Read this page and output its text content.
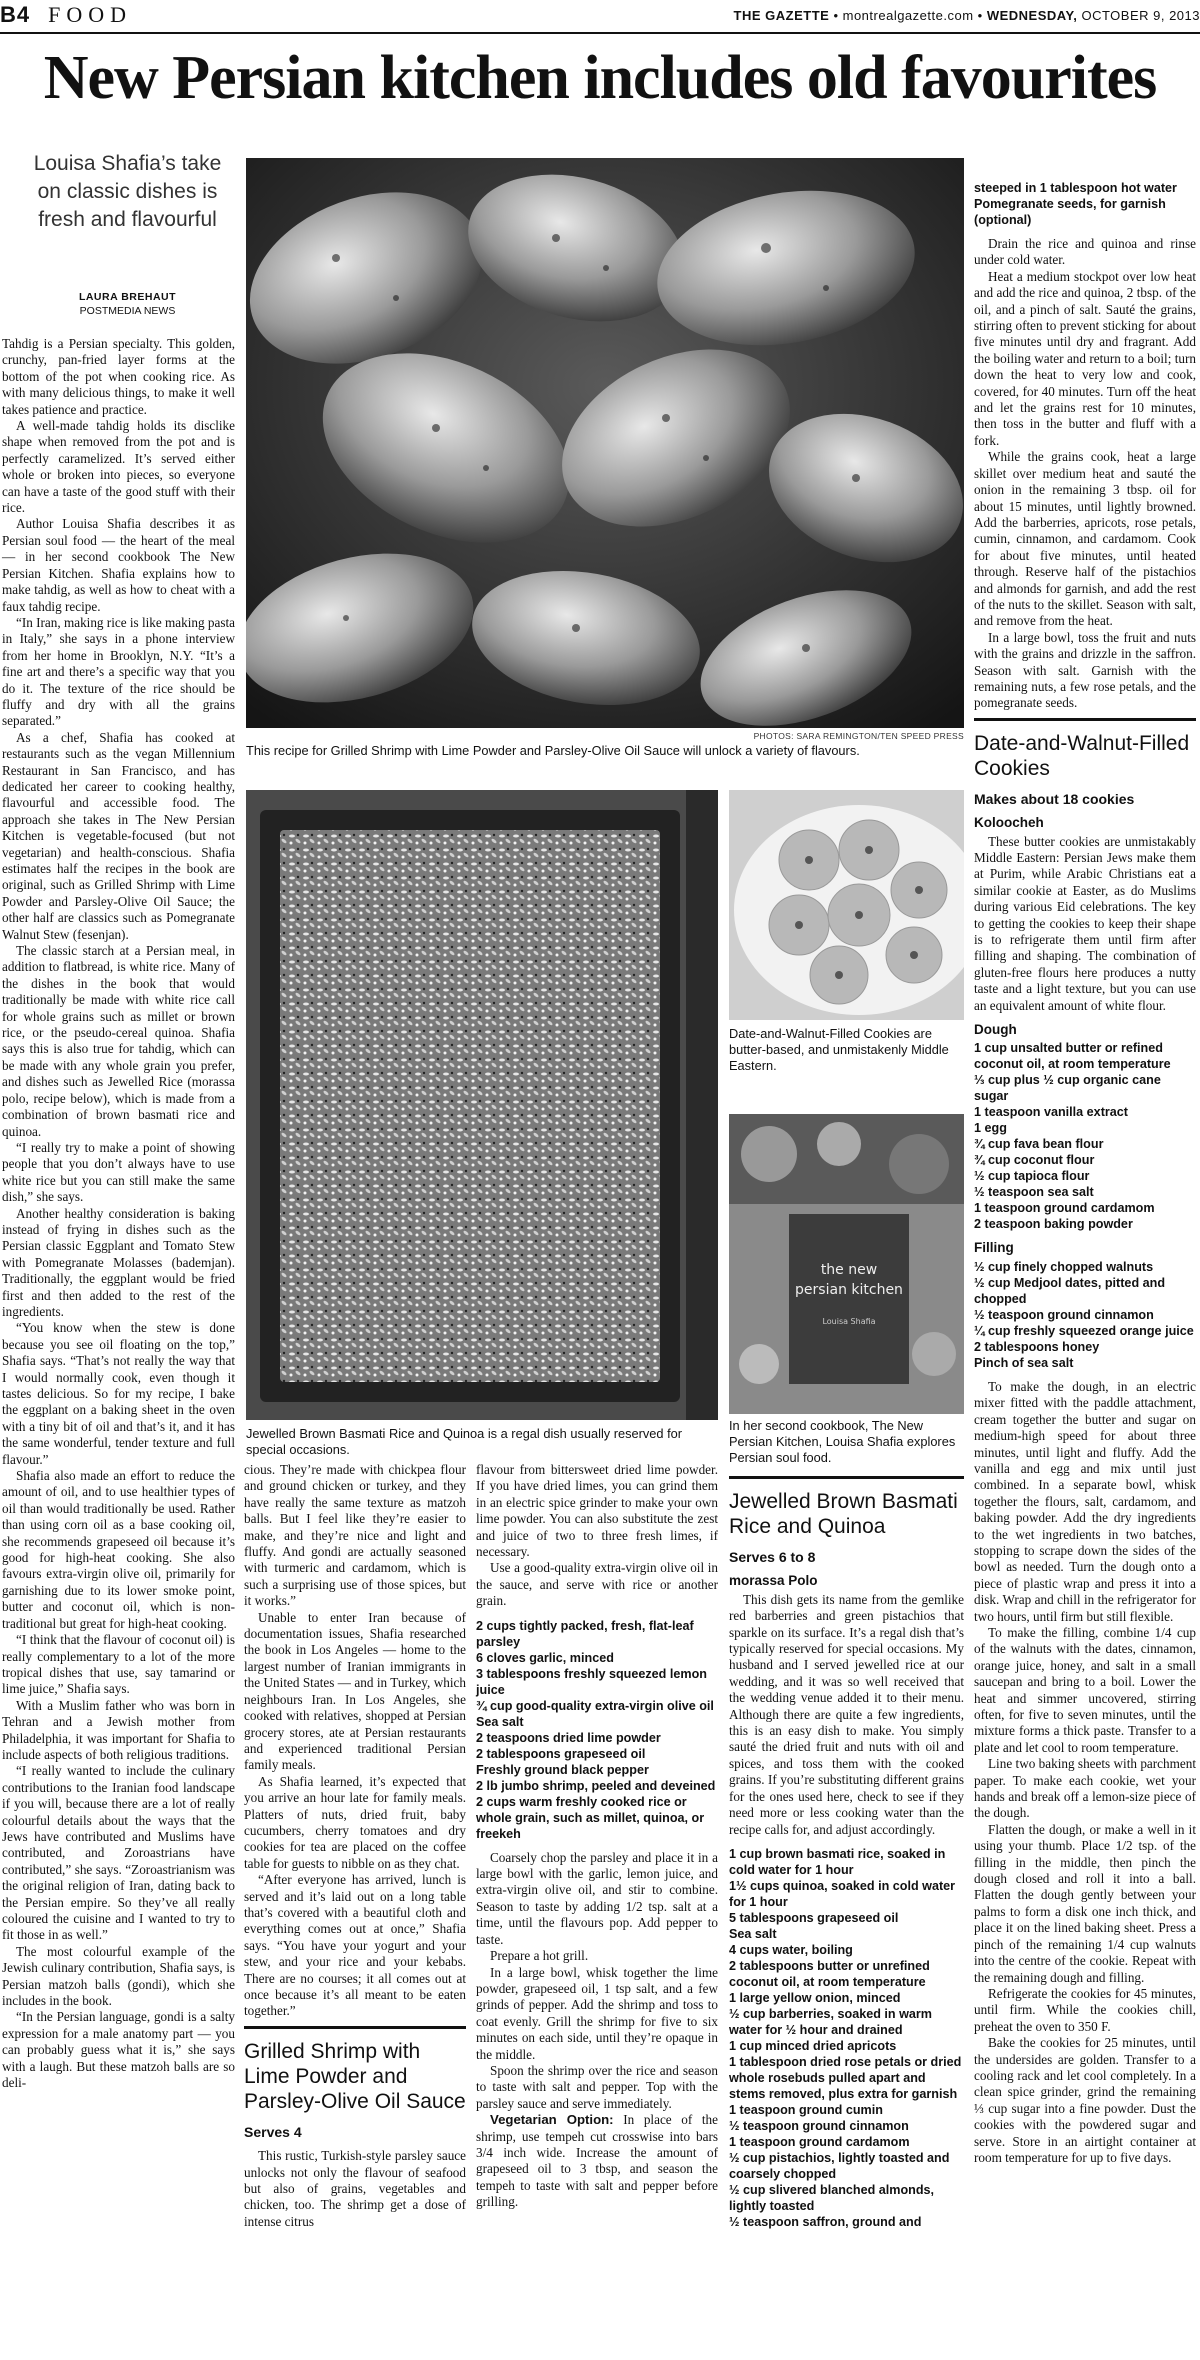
B4 FOOD	THE GAZETTE • montrealgazette.com • WEDNESDAY, OCTOBER 9, 2013
New Persian kitchen includes old favourites
Louisa Shafia’s take on classic dishes is fresh and flavourful
LAURA BREHAUT
POSTMEDIA NEWS
PHOTOS: SARA REMINGTON/TEN SPEED PRESS
This recipe for Grilled Shrimp with Lime Powder and Parsley-Olive Oil Sauce will unlock a variety of flavours.

Tahdig is a Persian specialty. This golden, crunchy, pan-fried layer forms at the bottom of the pot when cooking rice. As with many delicious things, to make it well takes patience and practice.

A well-made tahdig holds its disclike shape when removed from the pot and is perfectly caramelized. It’s served either whole or broken into pieces, so everyone can have a taste of the good stuff with their rice.

Author Louisa Shafia describes it as Persian soul food — the heart of the meal — in her second cookbook The New Persian Kitchen. Shafia explains how to make tahdig, as well as how to cheat with a faux tahdig recipe.

“In Iran, making rice is like making pasta in Italy,” she says in a phone interview from her home in Brooklyn, N.Y. “It’s a fine art and there’s a specific way that you do it. The texture of the rice should be fluffy and dry with all the grains separated.”

As a chef, Shafia has cooked at restaurants such as the vegan Millennium Restaurant in San Francisco, and has dedicated her career to cooking healthy, flavourful and accessible food. The approach she takes in The New Persian Kitchen is vegetable-focused (but not vegetarian) and health-conscious. Shafia estimates half the recipes in the book are original, such as Grilled Shrimp with Lime Powder and Parsley-Olive Oil Sauce; the other half are classics such as Pomegranate Walnut Stew (fesenjan).

The classic starch at a Persian meal, in addition to flatbread, is white rice. Many of the dishes in the book that would traditionally be made with white rice call for whole grains such as millet or brown rice, or the pseudo-cereal quinoa. Shafia says this is also true for tahdig, which can be made with any whole grain you prefer, and dishes such as Jewelled Rice (morassa polo, recipe below), which is made from a combination of brown basmati rice and quinoa.

“I really try to make a point of showing people that you don’t always have to use white rice but you can still make the same dish,” she says.

Another healthy consideration is baking instead of frying in dishes such as the Persian classic Eggplant and Tomato Stew with Pomegranate Molasses (bademjan). Traditionally, the eggplant would be fried first and then added to the rest of the ingredients.

“You know when the stew is done because you see oil floating on the top,” Shafia says. “That’s not really the way that I would normally cook, even though it tastes delicious. So for my recipe, I bake the eggplant on a baking sheet in the oven with a tiny bit of oil and that’s it, and it has the same wonderful, tender texture and full flavour.”

Shafia also made an effort to reduce the amount of oil, and to use healthier types of oil than would traditionally be used. Rather than using corn oil as a base cooking oil, she recommends grapeseed oil because it’s good for high-heat cooking. She also favours extra-virgin olive oil, primarily for garnishing due to its lower smoke point, butter and coconut oil, which is non-traditional but great for high-heat cooking.

“I think that the flavour of coconut oil) is really complementary to a lot of the more tropical dishes that use, say tamarind or lime juice,” Shafia says.

With a Muslim father who was born in Tehran and a Jewish mother from Philadelphia, it was important for Shafia to include aspects of both religious traditions.

“I really wanted to include the culinary contributions to the Iranian food landscape if you will, because there are a lot of really colourful details about the ways that the Jews have contributed and Muslims have contributed, and Zoroastrians have contributed,” she says. “Zoroastrianism was the original religion of Iran, dating back to the Persian empire. So they’ve all really coloured the cuisine and I wanted to try to fit those in as well.”

The most colourful example of the Jewish culinary contribution, Shafia says, is Persian matzoh balls (gondi), which she includes in the book.

“In the Persian language, gondi is a salty expression for a male anatomy part — you can probably guess what it is,” she says with a laugh. But these matzoh balls are so deli-

Jewelled Brown Basmati Rice and Quinoa is a regal dish usually reserved for special occasions.
Date-and-Walnut-Filled Cookies are butter-based, and unmistakenly Middle Eastern.
the new
persian kitchen
Louisa Shafia
In her second cookbook, The New Persian Kitchen, Louisa Shafia explores Persian soul food.

cious. They’re made with chickpea flour and ground chicken or turkey, and they have really the same texture as matzoh balls. But I feel like they’re easier to make, and they’re nice and light and fluffy. And gondi are actually seasoned with turmeric and cardamom, which is such a surprising use of those spices, but it works.”

Unable to enter Iran because of documentation issues, Shafia researched the book in Los Angeles — home to the largest number of Iranian immigrants in the United States — and in Turkey, which neighbours Iran. In Los Angeles, she cooked with relatives, shopped at Persian grocery stores, ate at Persian restaurants and experienced traditional Persian family meals.

As Shafia learned, it’s expected that you arrive an hour late for family meals. Platters of nuts, dried fruit, baby cucumbers, cherry tomatoes and dry cookies for tea are placed on the coffee table for guests to nibble on as they chat.

“After everyone has arrived, lunch is served and it’s laid out on a long table that’s covered with a beautiful cloth and everything comes out at once,” Shafia says. “You have your yogurt and your stew, and your rice and your kebabs. There are no courses; it all comes out at once because it’s all meant to be eaten together.”

Grilled Shrimp with Lime Powder and Parsley-Olive Oil Sauce
Serves 4

This rustic, Turkish-style parsley sauce unlocks not only the flavour of seafood but also of grains, vegetables and chicken, too. The shrimp get a dose of intense citrus

flavour from bittersweet dried lime powder. If you have dried limes, you can grind them in an electric spice grinder to make your own lime powder. You can also substitute the zest and juice of two to three fresh limes, if necessary.

Use a good-quality extra-virgin olive oil in the sauce, and serve with rice or another grain.

2 cups tightly packed, fresh, flat-leaf parsley
6 cloves garlic, minced
3 tablespoons freshly squeezed lemon juice
¾ cup good-quality extra-virgin olive oil
Sea salt
2 teaspoons dried lime powder
2 tablespoons grapeseed oil
Freshly ground black pepper
2 lb jumbo shrimp, peeled and deveined
2 cups warm freshly cooked rice or whole grain, such as millet, quinoa, or freekeh

Coarsely chop the parsley and place it in a large bowl with the garlic, lemon juice, and extra-virgin olive oil, and stir to combine. Season to taste by adding 1/2 tsp. salt at a time, until the flavours pop. Add pepper to taste.

Prepare a hot grill.

In a large bowl, whisk together the lime powder, grapeseed oil, 1 tsp salt, and a few grinds of pepper. Add the shrimp and toss to coat evenly. Grill the shrimp for five to six minutes on each side, until they’re opaque in the middle.

Spoon the shrimp over the rice and season to taste with salt and pepper. Top with the parsley sauce and serve immediately.

Vegetarian Option: In place of the shrimp, use tempeh cut crosswise into bars 3/4 inch wide. Increase the amount of grapeseed oil to 3 tbsp, and season the tempeh to taste with salt and pepper before grilling.

Jewelled Brown Basmati Rice and Quinoa
Serves 6 to 8
morassa Polo

This dish gets its name from the gemlike red barberries and green pistachios that sparkle on its surface. It’s a regal dish that’s typically reserved for special occasions. My husband and I served jewelled rice at our wedding, and it was so well received that the wedding venue added it to their menu. Although there are quite a few ingredients, this is an easy dish to make. You simply sauté the dried fruit and nuts with oil and spices, and toss them with the cooked grains. If you’re substituting different grains for the ones used here, check to see if they need more or less cooking water than the recipe calls for, and adjust accordingly.

1 cup brown basmati rice, soaked in cold water for 1 hour
1½ cups quinoa, soaked in cold water for 1 hour
5 tablespoons grapeseed oil
Sea salt
4 cups water, boiling
2 tablespoons butter or unrefined coconut oil, at room temperature
1 large yellow onion, minced
½ cup barberries, soaked in warm water for ½ hour and drained
1 cup minced dried apricots
1 tablespoon dried rose petals or dried whole rosebuds pulled apart and stems removed, plus extra for garnish
1 teaspoon ground cumin
½ teaspoon ground cinnamon
1 teaspoon ground cardamom
½ cup pistachios, lightly toasted and coarsely chopped
½ cup slivered blanched almonds, lightly toasted
½ teaspoon saffron, ground and
steeped in 1 tablespoon hot water
Pomegranate seeds, for garnish (optional)

Drain the rice and quinoa and rinse under cold water.

Heat a medium stockpot over low heat and add the rice and quinoa, 2 tbsp. of the oil, and a pinch of salt. Sauté the grains, stirring often to prevent sticking for about five minutes until dry and fragrant. Add the boiling water and return to a boil; turn down the heat to very low and cook, covered, for 40 minutes. Turn off the heat and let the grains rest for 10 minutes, then toss in the butter and fluff with a fork.

While the grains cook, heat a large skillet over medium heat and sauté the onion in the remaining 3 tbsp. oil for about 15 minutes, until lightly browned. Add the barberries, apricots, rose petals, cumin, cinnamon, and cardamom. Cook for about five minutes, until heated through. Reserve half of the pistachios and almonds for garnish, and add the rest of the nuts to the skillet. Season with salt, and remove from the heat.

In a large bowl, toss the fruit and nuts with the grains and drizzle in the saffron. Season with salt. Garnish with the remaining nuts, a few rose petals, and the pomegranate seeds.

Date-and-Walnut-Filled Cookies
Makes about 18 cookies
Koloocheh

These butter cookies are unmistakably Middle Eastern: Persian Jews make them at Purim, while Arabic Christians eat a similar cookie at Easter, as do Muslims during various Eid celebrations. The key to getting the cookies to keep their shape is to refrigerate them until firm after filling and shaping. The combination of gluten-free flours here produces a nutty taste and a light texture, but you can use an equivalent amount of white flour.

Dough
1 cup unsalted butter or refined coconut oil, at room temperature
⅓ cup plus ½ cup organic cane sugar
1 teaspoon vanilla extract
1 egg
¾ cup fava bean flour
¾ cup coconut flour
½ cup tapioca flour
½ teaspoon sea salt
1 teaspoon ground cardamom
2 teaspoon baking powder
Filling
½ cup finely chopped walnuts
½ cup Medjool dates, pitted and chopped
½ teaspoon ground cinnamon
¼ cup freshly squeezed orange juice
2 tablespoons honey
Pinch of sea salt

To make the dough, in an electric mixer fitted with the paddle attachment, cream together the butter and sugar on medium-high speed for about three minutes, until light and fluffy. Add the vanilla and egg and mix until just combined. In a separate bowl, whisk together the flours, salt, cardamom, and baking powder. Add the dry ingredients to the wet ingredients in two batches, stopping to scrape down the sides of the bowl as needed. Turn the dough onto a piece of plastic wrap and press it into a disk. Wrap and chill in the refrigerator for two hours, until firm but still flexible.

To make the filling, combine 1/4 cup of the walnuts with the dates, cinnamon, orange juice, honey, and salt in a small saucepan and bring to a boil. Lower the heat and simmer uncovered, stirring often, for five to seven minutes, until the mixture forms a thick paste. Transfer to a plate and let cool to room temperature.

Line two baking sheets with parchment paper. To make each cookie, wet your hands and break off a lemon-size piece of the dough.

Flatten the dough, or make a well in it using your thumb. Place 1/2 tsp. of the filling in the middle, then pinch the dough closed and roll it into a ball. Flatten the dough gently between your palms to form a disk one inch thick, and place it on the lined baking sheet. Press a pinch of the remaining 1/4 cup walnuts into the centre of the cookie. Repeat with the remaining dough and filling.

Refrigerate the cookies for 45 minutes, until firm. While the cookies chill, preheat the oven to 350 F.

Bake the cookies for 25 minutes, until the undersides are golden. Transfer to a cooling rack and let cool completely. In a clean spice grinder, grind the remaining ⅓ cup sugar into a fine powder. Dust the cookies with the powdered sugar and serve. Store in an airtight container at room temperature for up to five days.
